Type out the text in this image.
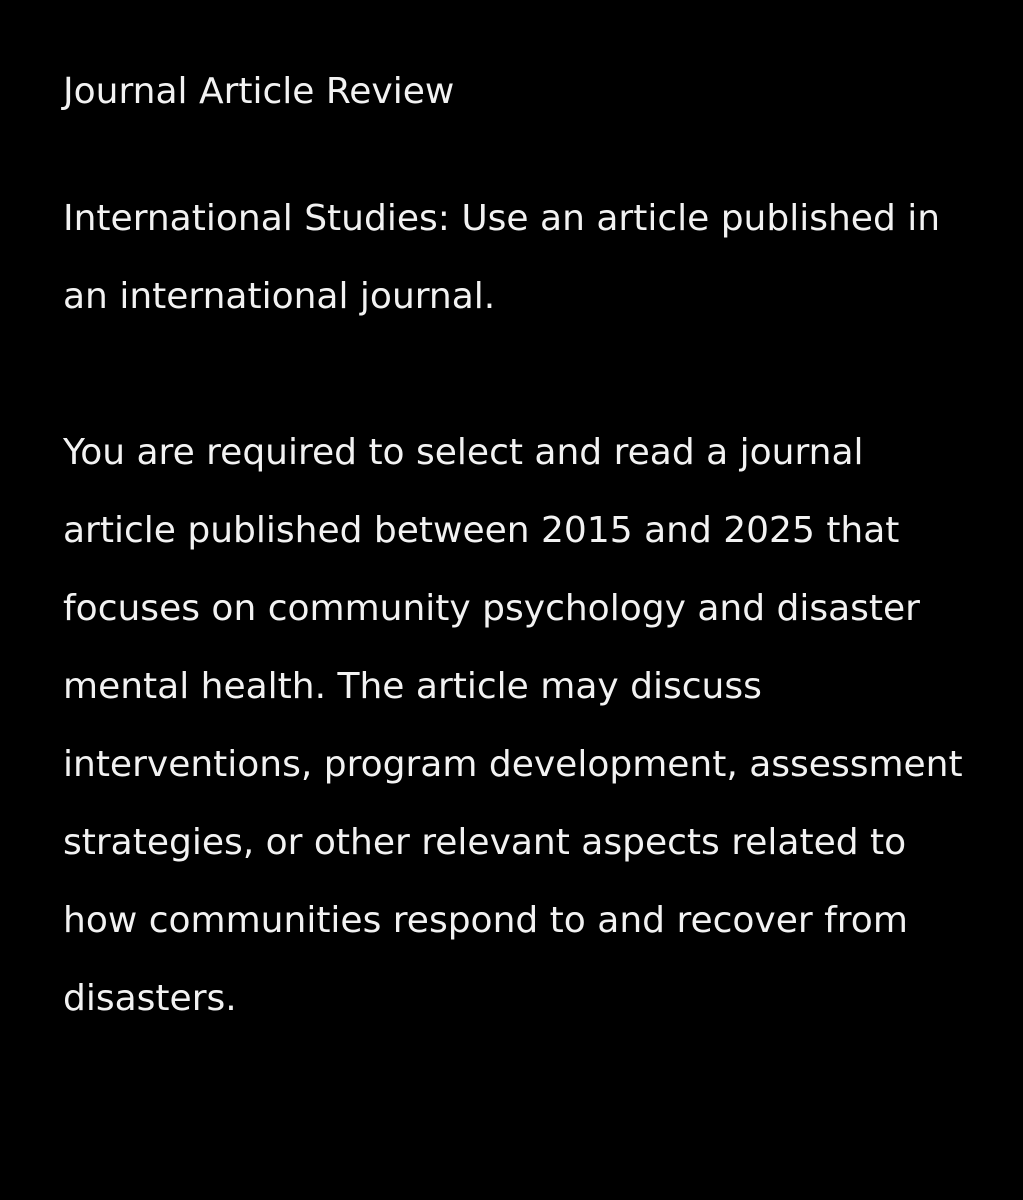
Journal Article Review

International Studies: Use an article published in an international journal.

You are required to select and read a journal article published between 2015 and 2025 that focuses on community psychology and disaster mental health. The article may discuss interventions, program development, assessment strategies, or other relevant aspects related to how communities respond to and recover from disasters.
